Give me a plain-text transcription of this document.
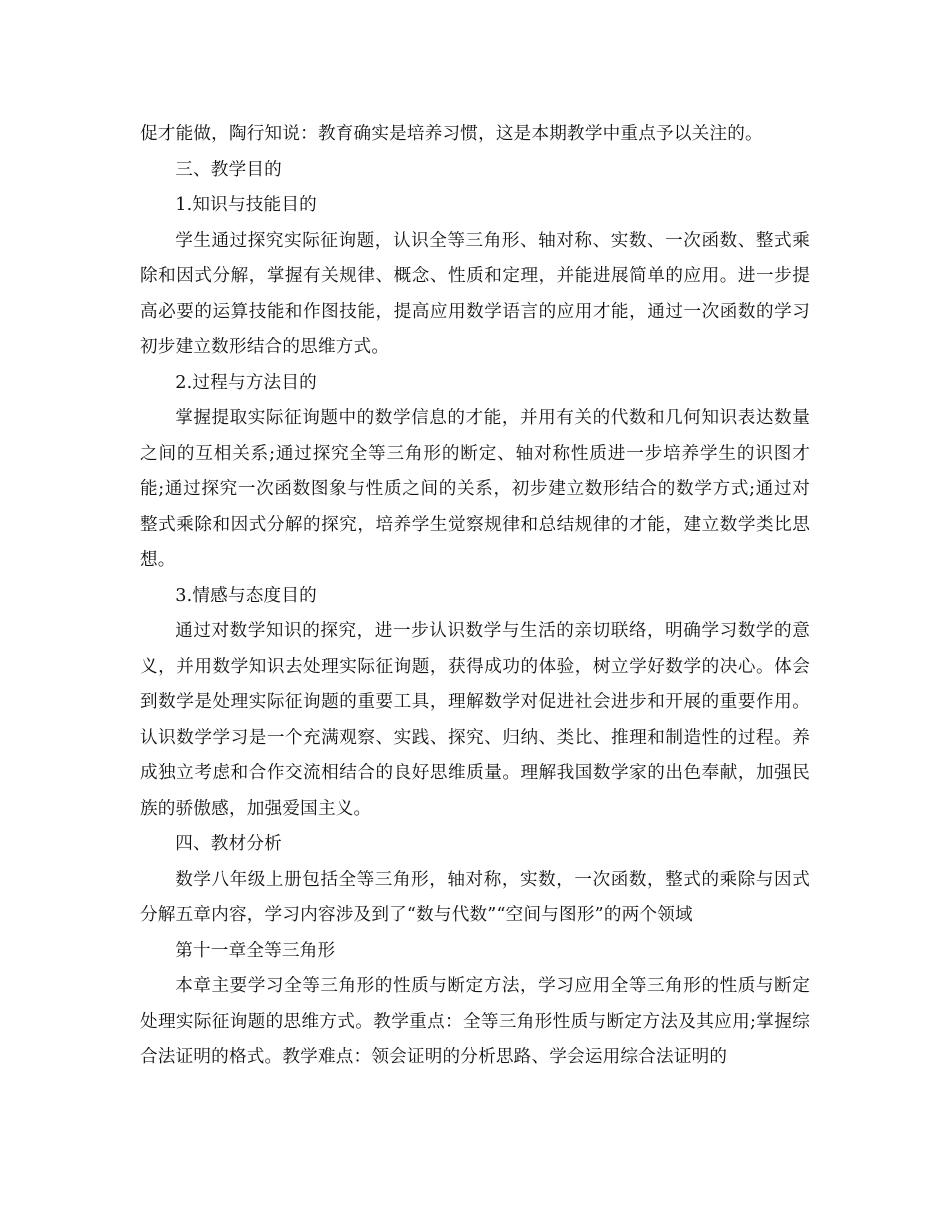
促才能做，陶行知说：教育确实是培养习惯，这是本期教学中重点予以关注的。

三、教学目的

1.知识与技能目的

学生通过探究实际征询题，认识全等三角形、轴对称、实数、一次函数、整式乘除和因式分解，掌握有关规律、概念、性质和定理，并能进展简单的应用。进一步提高必要的运算技能和作图技能，提高应用数学语言的应用才能，通过一次函数的学习初步建立数形结合的思维方式。

2.过程与方法目的

掌握提取实际征询题中的数学信息的才能，并用有关的代数和几何知识表达数量之间的互相关系;通过探究全等三角形的断定、轴对称性质进一步培养学生的识图才能;通过探究一次函数图象与性质之间的关系，初步建立数形结合的数学方式;通过对整式乘除和因式分解的探究，培养学生觉察规律和总结规律的才能，建立数学类比思想。

3.情感与态度目的

通过对数学知识的探究，进一步认识数学与生活的亲切联络，明确学习数学的意义，并用数学知识去处理实际征询题，获得成功的体验，树立学好数学的决心。体会到数学是处理实际征询题的重要工具，理解数学对促进社会进步和开展的重要作用。认识数学学习是一个充满观察、实践、探究、归纳、类比、推理和制造性的过程。养成独立考虑和合作交流相结合的良好思维质量。理解我国数学家的出色奉献，加强民族的骄傲感，加强爱国主义。

四、教材分析

数学八年级上册包括全等三角形，轴对称，实数，一次函数，整式的乘除与因式分解五章内容，学习内容涉及到了“数与代数”“空间与图形”的两个领域

第十一章全等三角形

本章主要学习全等三角形的性质与断定方法，学习应用全等三角形的性质与断定处理实际征询题的思维方式。教学重点：全等三角形性质与断定方法及其应用;掌握综合法证明的格式。教学难点：领会证明的分析思路、学会运用综合法证明的
